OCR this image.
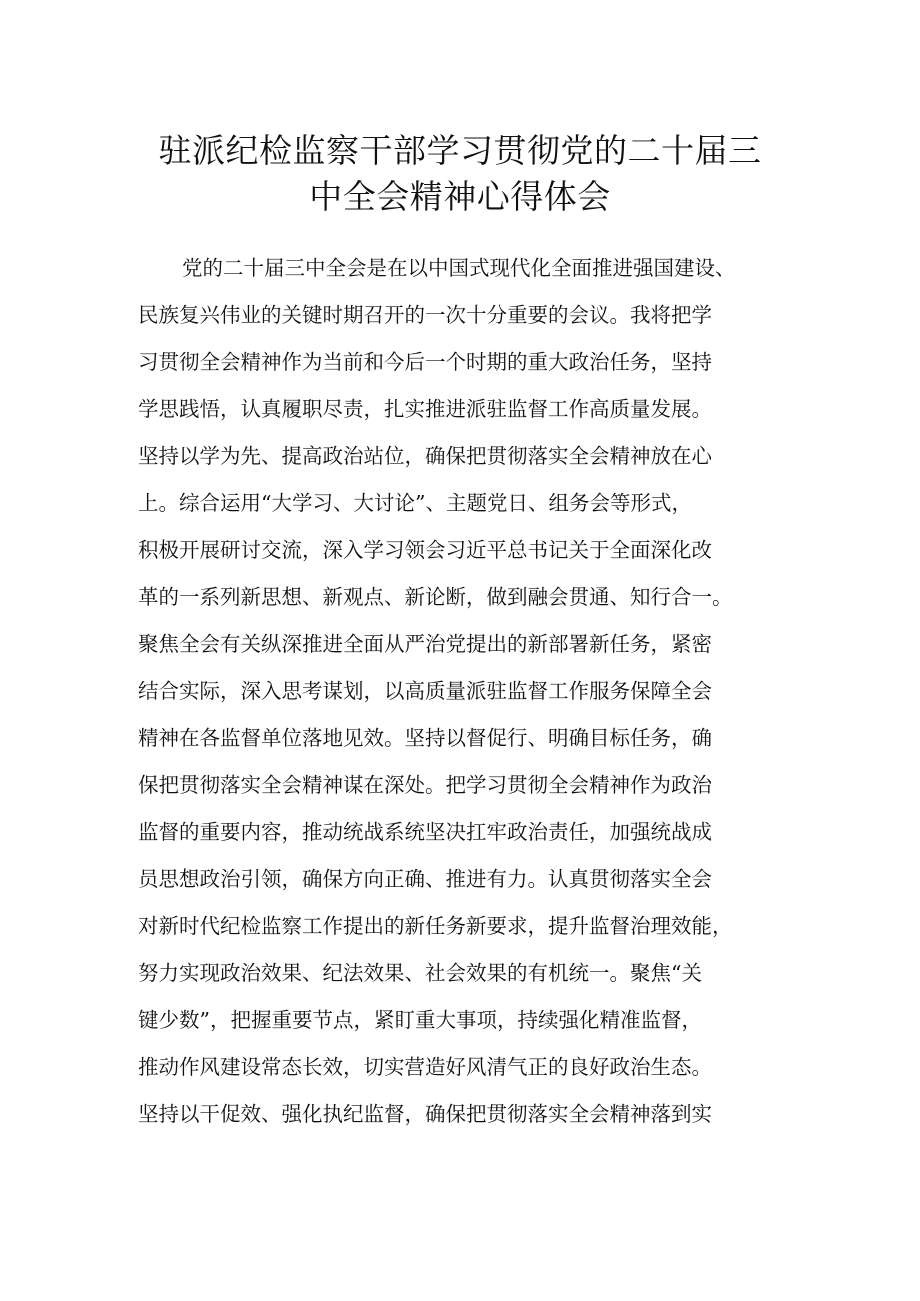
驻派纪检监察干部学习贯彻党的二十届三
中全会精神心得体会
党的二十届三中全会是在以中国式现代化全面推进强国建设、
民族复兴伟业的关键时期召开的一次十分重要的会议。我将把学
习贯彻全会精神作为当前和今后一个时期的重大政治任务，坚持
学思践悟，认真履职尽责，扎实推进派驻监督工作高质量发展。
坚持以学为先、提高政治站位，确保把贯彻落实全会精神放在心
上。综合运用“大学习、大讨论”、主题党日、组务会等形式，
积极开展研讨交流，深入学习领会习近平总书记关于全面深化改
革的一系列新思想、新观点、新论断，做到融会贯通、知行合一。
聚焦全会有关纵深推进全面从严治党提出的新部署新任务，紧密
结合实际，深入思考谋划，以高质量派驻监督工作服务保障全会
精神在各监督单位落地见效。坚持以督促行、明确目标任务，确
保把贯彻落实全会精神谋在深处。把学习贯彻全会精神作为政治
监督的重要内容，推动统战系统坚决扛牢政治责任，加强统战成
员思想政治引领，确保方向正确、推进有力。认真贯彻落实全会
对新时代纪检监察工作提出的新任务新要求，提升监督治理效能，
努力实现政治效果、纪法效果、社会效果的有机统一。聚焦“关
键少数”，把握重要节点，紧盯重大事项，持续强化精准监督，
推动作风建设常态长效，切实营造好风清气正的良好政治生态。
坚持以干促效、强化执纪监督，确保把贯彻落实全会精神落到实
